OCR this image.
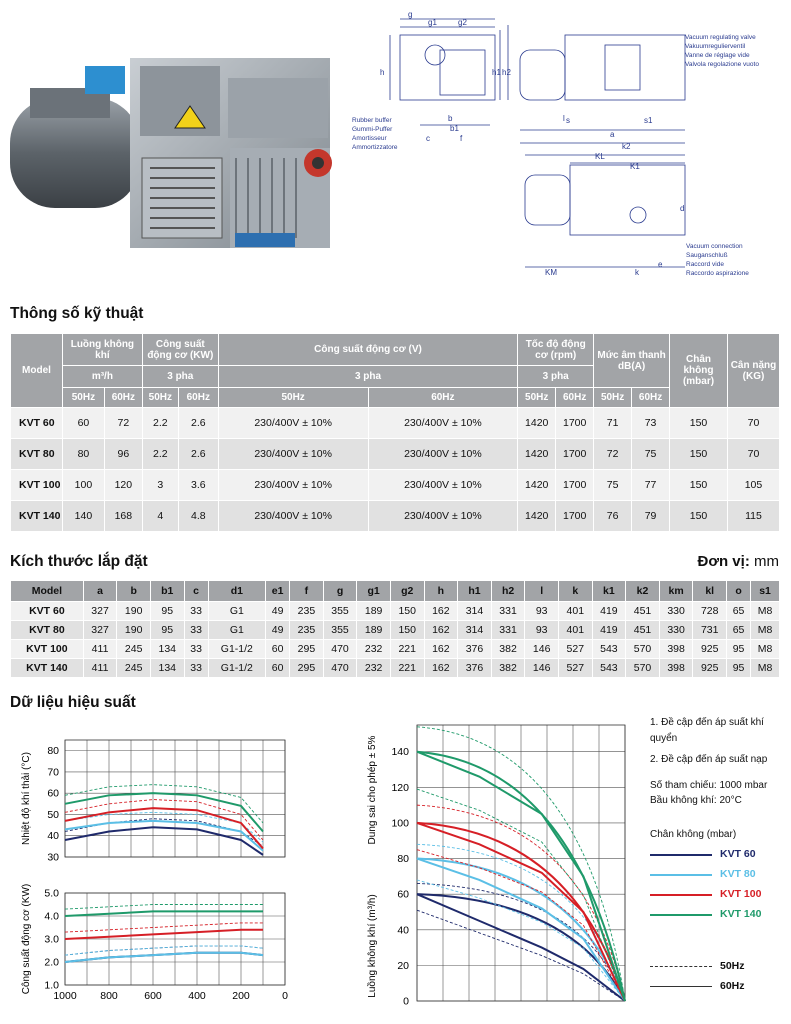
g
g1	g2
h	h1 h2
b
b1
c	f
s	s1
a
k2
KL
K1
d
e
KM	k
l
Vacuum regulating valve
Vakuumregulierventil
Vanne de réglage vide
Valvola regolazione vuoto
Rubber buffer
Gummi-Puffer
Amortisseur
Ammortizzatore
Vacuum connection
Sauganschluß
Raccord vide
Raccordo aspirazione
Thông số kỹ thuật
Model	Luồng không khí		Công suất động cơ (KW)		Công suất động cơ (V)		Tốc độ động cơ (rpm)		Mức âm thanh dB(A)		Chân không (mbar)	Cân nặng (KG)
	m³/h		3 pha		3 pha		3 pha					
	50Hz	60Hz	50Hz	60Hz	50Hz	60Hz	50Hz	60Hz	50Hz	60Hz		
KVT 60	60	72	2.2	2.6	230/400V ± 10%	230/400V ± 10%	1420	1700	71	73	150	70
KVT 80	80	96	2.2	2.6	230/400V ± 10%	230/400V ± 10%	1420	1700	72	75	150	70
KVT 100	100	120	3	3.6	230/400V ± 10%	230/400V ± 10%	1420	1700	75	77	150	105
KVT 140	140	168	4	4.8	230/400V ± 10%	230/400V ± 10%	1420	1700	76	79	150	115
Kích thước lắp đặt	Đơn vị: mm
Model	a	b	b1	c	d1	e1	f	g	g1	g2	h	h1	h2	l	k	k1	k2	km	kl	o	s1
KVT 60	327	190	95	33	G1	49	235	355	189	150	162	314	331	93	401	419	451	330	728	65	M8
KVT 80	327	190	95	33	G1	49	235	355	189	150	162	314	331	93	401	419	451	330	731	65	M8
KVT 100	411	245	134	33	G1-1/2	60	295	470	232	221	162	376	382	146	527	543	570	398	925	95	M8
KVT 140	411	245	134	33	G1-1/2	60	295	470	232	221	162	376	382	146	527	543	570	398	925	95	M8
Dữ liệu hiệu suất
80
70
60
50
40
30
Nhiệt độ khí thải (°C)
5.0
4.0
3.0
2.0
1.0
1000 800	600	400	200	0
Công suất động cơ (KW)
140
120
100
80
60
40
20
0
Dung sai cho phép ± 5%
Luồng không khí (m³/h)

1. Đề cập đến áp suất khí quyển

2. Đề cập đến áp suất nạp

Số tham chiếu: 1000 mbar

Bầu không khí: 20°C

Chân không (mbar)

KVT 60
KVT 80
KVT 100
KVT 140
50Hz
60Hz
